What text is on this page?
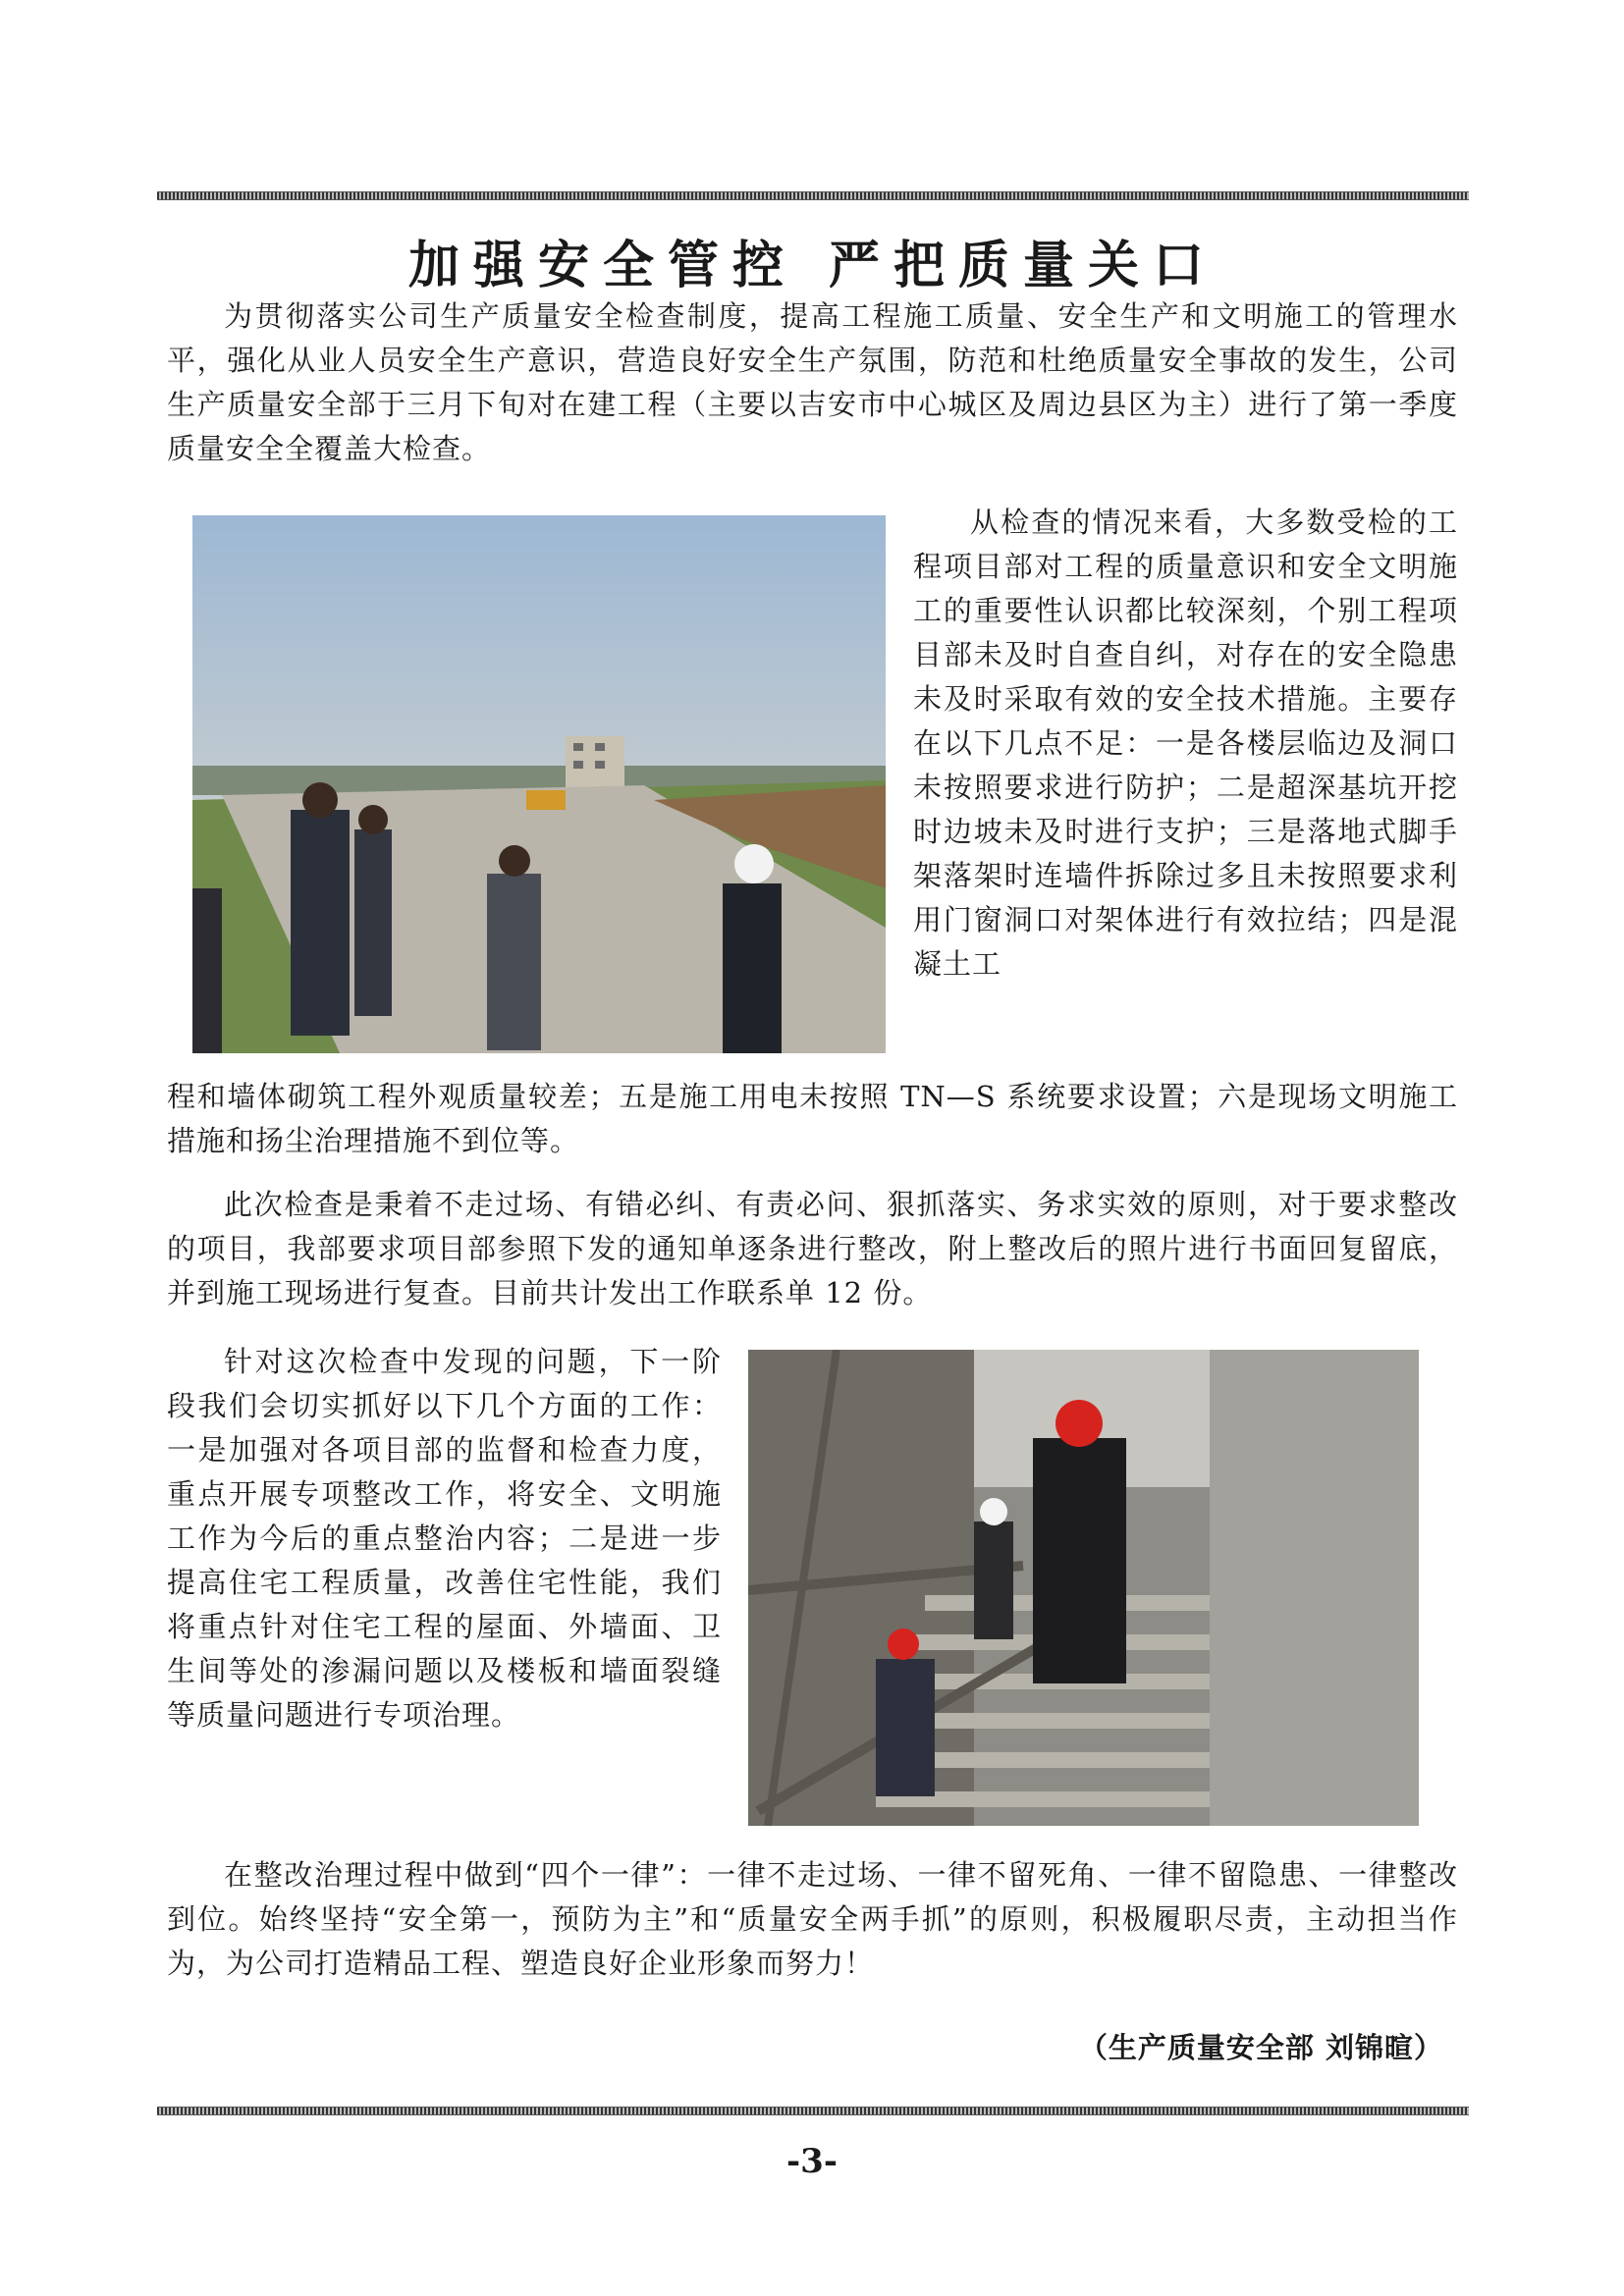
加强安全管控 严把质量关口

为贯彻落实公司生产质量安全检查制度，提高工程施工质量、安全生产和文明施工的管理水平，强化从业人员安全生产意识，营造良好安全生产氛围，防范和杜绝质量安全事故的发生，公司生产质量安全部于三月下旬对在建工程（主要以吉安市中心城区及周边县区为主）进行了第一季度质量安全全覆盖大检查。

从检查的情况来看，大多数受检的工程项目部对工程的质量意识和安全文明施工的重要性认识都比较深刻，个别工程项目部未及时自查自纠，对存在的安全隐患未及时采取有效的安全技术措施。主要存在以下几点不足：一是各楼层临边及洞口未按照要求进行防护；二是超深基坑开挖时边坡未及时进行支护；三是落地式脚手架落架时连墙件拆除过多且未按照要求利用门窗洞口对架体进行有效拉结；四是混凝土工

程和墙体砌筑工程外观质量较差；五是施工用电未按照 TN—S 系统要求设置；六是现场文明施工措施和扬尘治理措施不到位等。

此次检查是秉着不走过场、有错必纠、有责必问、狠抓落实、务求实效的原则，对于要求整改的项目，我部要求项目部参照下发的通知单逐条进行整改，附上整改后的照片进行书面回复留底，并到施工现场进行复查。目前共计发出工作联系单 12 份。

针对这次检查中发现的问题，下一阶段我们会切实抓好以下几个方面的工作：一是加强对各项目部的监督和检查力度，重点开展专项整改工作，将安全、文明施工作为今后的重点整治内容；二是进一步提高住宅工程质量，改善住宅性能，我们将重点针对住宅工程的屋面、外墙面、卫生间等处的渗漏问题以及楼板和墙面裂缝等质量问题进行专项治理。

在整改治理过程中做到“四个一律”：一律不走过场、一律不留死角、一律不留隐患、一律整改到位。始终坚持“安全第一，预防为主”和“质量安全两手抓”的原则，积极履职尽责，主动担当作为，为公司打造精品工程、塑造良好企业形象而努力！

（生产质量安全部 刘锦暄）

-3-
